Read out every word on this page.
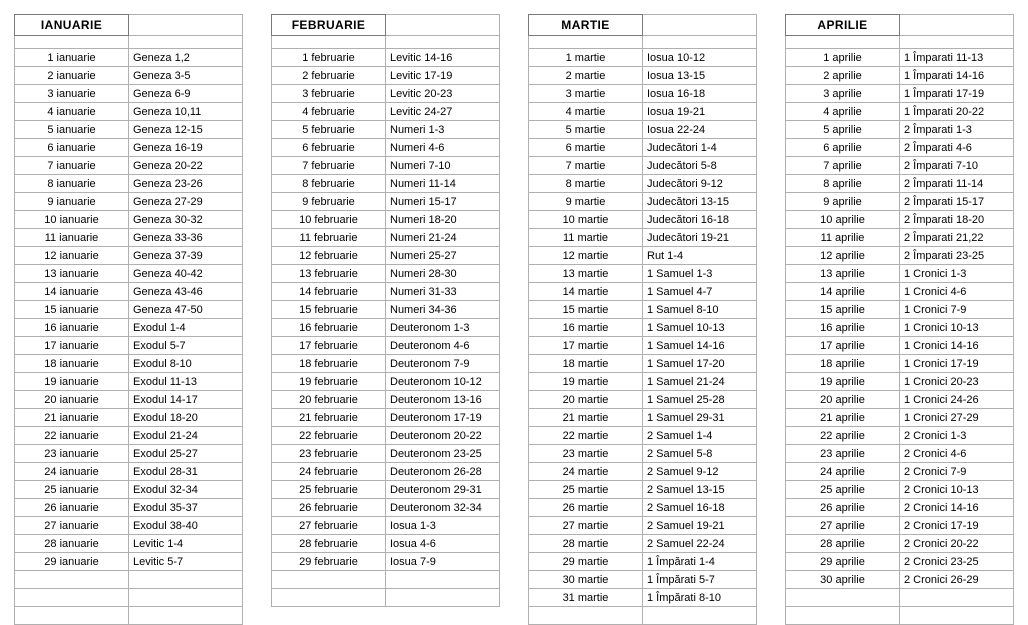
IANUARIE	

1 ianuarie	Geneza 1,2
2 ianuarie	Geneza 3-5
3 ianuarie	Geneza 6-9
4 ianuarie	Geneza 10,11
5 ianuarie	Geneza 12-15
6 ianuarie	Geneza 16-19
7 ianuarie	Geneza 20-22
8 ianuarie	Geneza 23-26
9 ianuarie	Geneza 27-29
10 ianuarie	Geneza 30-32
11 ianuarie	Geneza 33-36
12 ianuarie	Geneza 37-39
13 ianuarie	Geneza 40-42
14 ianuarie	Geneza 43-46
15 ianuarie	Geneza 47-50
16 ianuarie	Exodul 1-4
17 ianuarie	Exodul 5-7
18 ianuarie	Exodul 8-10
19 ianuarie	Exodul 11-13
20 ianuarie	Exodul 14-17
21 ianuarie	Exodul 18-20
22 ianuarie	Exodul 21-24
23 ianuarie	Exodul 25-27
24 ianuarie	Exodul 28-31
25 ianuarie	Exodul 32-34
26 ianuarie	Exodul 35-37
27 ianuarie	Exodul 38-40
28 ianuarie	Levitic 1-4
29 ianuarie	Levitic 5-7

FEBRUARIE	

1 februarie	Levitic 14-16
2 februarie	Levitic 17-19
3 februarie	Levitic 20-23
4 februarie	Levitic 24-27
5 februarie	Numeri 1-3
6 februarie	Numeri 4-6
7 februarie	Numeri 7-10
8 februarie	Numeri 11-14
9 februarie	Numeri 15-17
10 februarie	Numeri 18-20
11 februarie	Numeri 21-24
12 februarie	Numeri 25-27
13 februarie	Numeri 28-30
14 februarie	Numeri 31-33
15 februarie	Numeri 34-36
16 februarie	Deuteronom 1-3
17 februarie	Deuteronom 4-6
18 februarie	Deuteronom 7-9
19 februarie	Deuteronom 10-12
20 februarie	Deuteronom 13-16
21 februarie	Deuteronom 17-19
22 februarie	Deuteronom 20-22
23 februarie	Deuteronom 23-25
24 februarie	Deuteronom 26-28
25 februarie	Deuteronom 29-31
26 februarie	Deuteronom 32-34
27 februarie	Iosua 1-3
28 februarie	Iosua 4-6
29 februarie	Iosua 7-9

MARTIE	

1 martie	Iosua 10-12
2 martie	Iosua 13-15
3 martie	Iosua 16-18
4 martie	Iosua 19-21
5 martie	Iosua 22-24
6 martie	Judecători 1-4
7 martie	Judecători 5-8
8 martie	Judecători 9-12
9 martie	Judecători 13-15
10 martie	Judecători 16-18
11 martie	Judecători 19-21
12 martie	Rut 1-4
13 martie	1 Samuel 1-3
14 martie	1 Samuel 4-7
15 martie	1 Samuel 8-10
16 martie	1 Samuel 10-13
17 martie	1 Samuel 14-16
18 martie	1 Samuel 17-20
19 martie	1 Samuel 21-24
20 martie	1 Samuel 25-28
21 martie	1 Samuel 29-31
22 martie	2 Samuel 1-4
23 martie	2 Samuel 5-8
24 martie	2 Samuel 9-12
25 martie	2 Samuel 13-15
26 martie	2 Samuel 16-18
27 martie	2 Samuel 19-21
28 martie	2 Samuel 22-24
29 martie	1 Împărati 1-4
30 martie	1 Împărati 5-7
31 martie	1 Împărati 8-10

APRILIE	

1 aprilie	1 Împarati 11-13
2 aprilie	1 Împarati 14-16
3 aprilie	1 Împarati 17-19
4 aprilie	1 Împarati 20-22
5 aprilie	2 Împarati 1-3
6 aprilie	2 Împarati 4-6
7 aprilie	2 Împarati 7-10
8 aprilie	2 Împarati 11-14
9 aprilie	2 Împarati 15-17
10 aprilie	2 Împarati 18-20
11 aprilie	2 Împarati 21,22
12 aprilie	2 Împarati 23-25
13 aprilie	1 Cronici 1-3
14 aprilie	1 Cronici 4-6
15 aprilie	1 Cronici 7-9
16 aprilie	1 Cronici 10-13
17 aprilie	1 Cronici 14-16
18 aprilie	1 Cronici 17-19
19 aprilie	1 Cronici 20-23
20 aprilie	1 Cronici 24-26
21 aprilie	1 Cronici 27-29
22 aprilie	2 Cronici 1-3
23 aprilie	2 Cronici 4-6
24 aprilie	2 Cronici 7-9
25 aprilie	2 Cronici 10-13
26 aprilie	2 Cronici 14-16
27 aprilie	2 Cronici 17-19
28 aprilie	2 Cronici 20-22
29 aprilie	2 Cronici 23-25
30 aprilie	2 Cronici 26-29
